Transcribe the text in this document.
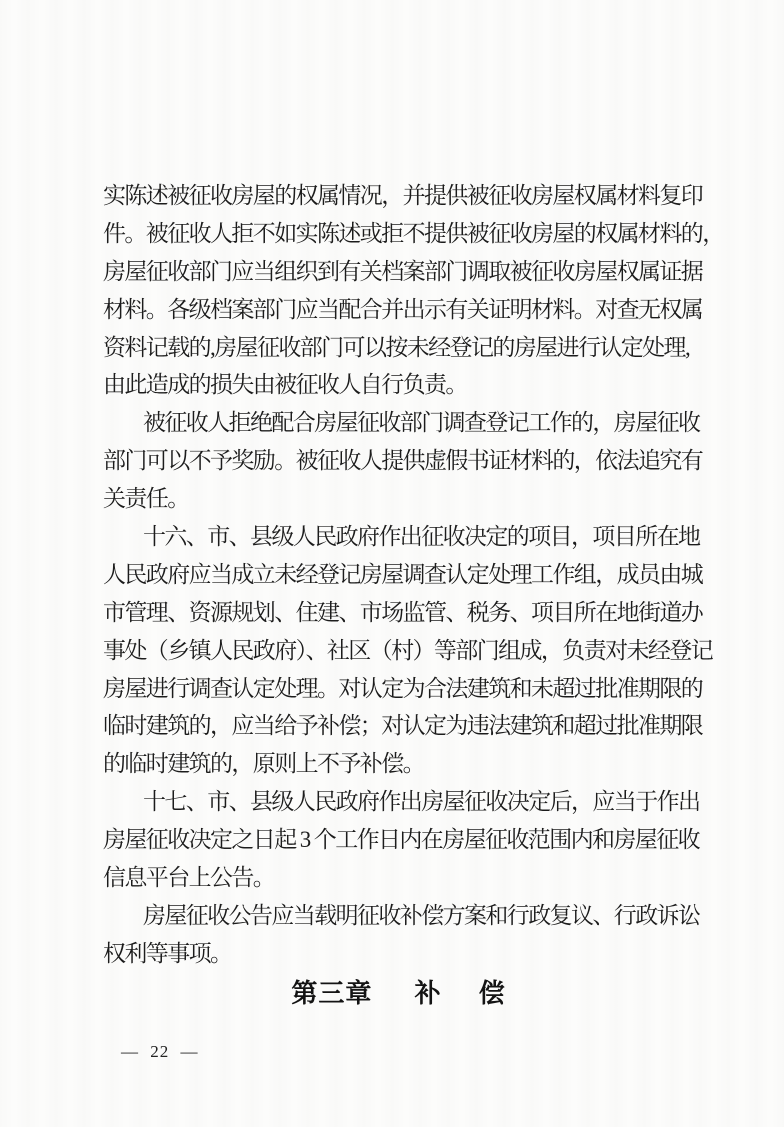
实陈述被征收房屋的权属情况，并提供被征收房屋权属材料复印
件。被征收人拒不如实陈述或拒不提供被征收房屋的权属材料的，
房屋征收部门应当组织到有关档案部门调取被征收房屋权属证据
材料。各级档案部门应当配合并出示有关证明材料。对查无权属
资料记载的,房屋征收部门可以按未经登记的房屋进行认定处理,
由此造成的损失由被征收人自行负责。
被征收人拒绝配合房屋征收部门调查登记工作的，房屋征收
部门可以不予奖励。被征收人提供虚假书证材料的，依法追究有
关责任。
十六、市、县级人民政府作出征收决定的项目，项目所在地
人民政府应当成立未经登记房屋调查认定处理工作组，成员由城
市管理、资源规划、住建、市场监管、税务、项目所在地街道办
事处（乡镇人民政府）、社区（村）等部门组成，负责对未经登记
房屋进行调查认定处理。对认定为合法建筑和未超过批准期限的
临时建筑的，应当给予补偿；对认定为违法建筑和超过批准期限
的临时建筑的，原则上不予补偿。
十七、市、县级人民政府作出房屋征收决定后，应当于作出
房屋征收决定之日起 3 个工作日内在房屋征收范围内和房屋征收
信息平台上公告。
房屋征收公告应当载明征收补偿方案和行政复议、行政诉讼
权利等事项。
第三章 补　偿
— 22 —
